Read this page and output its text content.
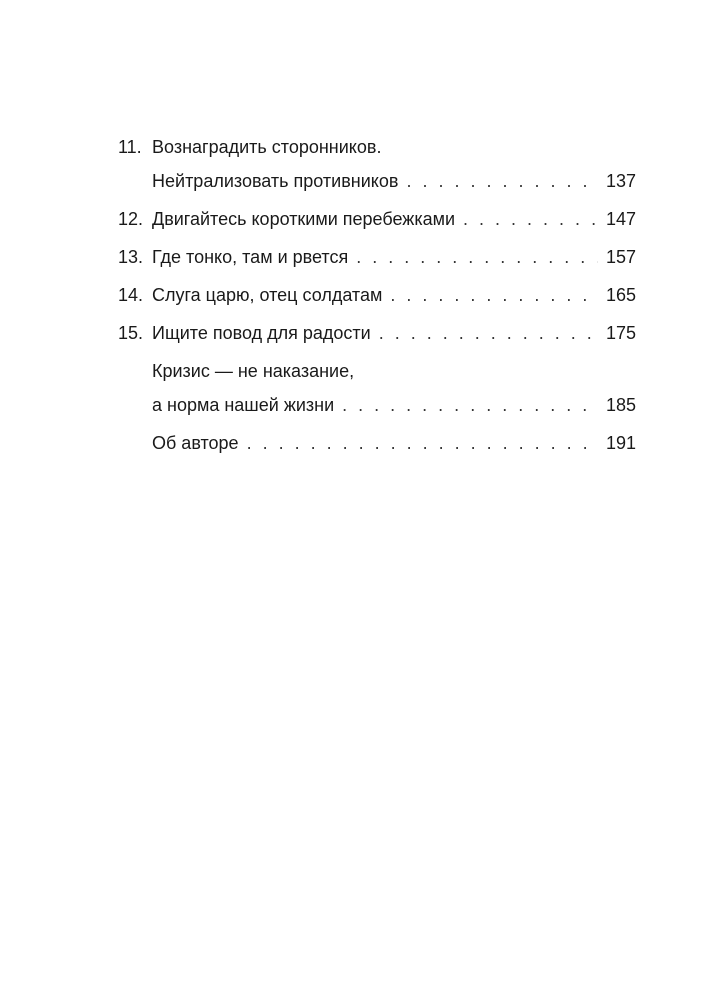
11. Вознаградить сторонников.
Нейтрализовать противников . . .	137
12. Двигайтесь короткими перебежками . . .	147
13. Где тонко, там и рвется . . .	157
14. Слуга царю, отец солдатам . . .	165
15. Ищите повод для радости . . .	175
Кризис — не наказание,
а норма нашей жизни . . .	185
Об авторе . . .	191
